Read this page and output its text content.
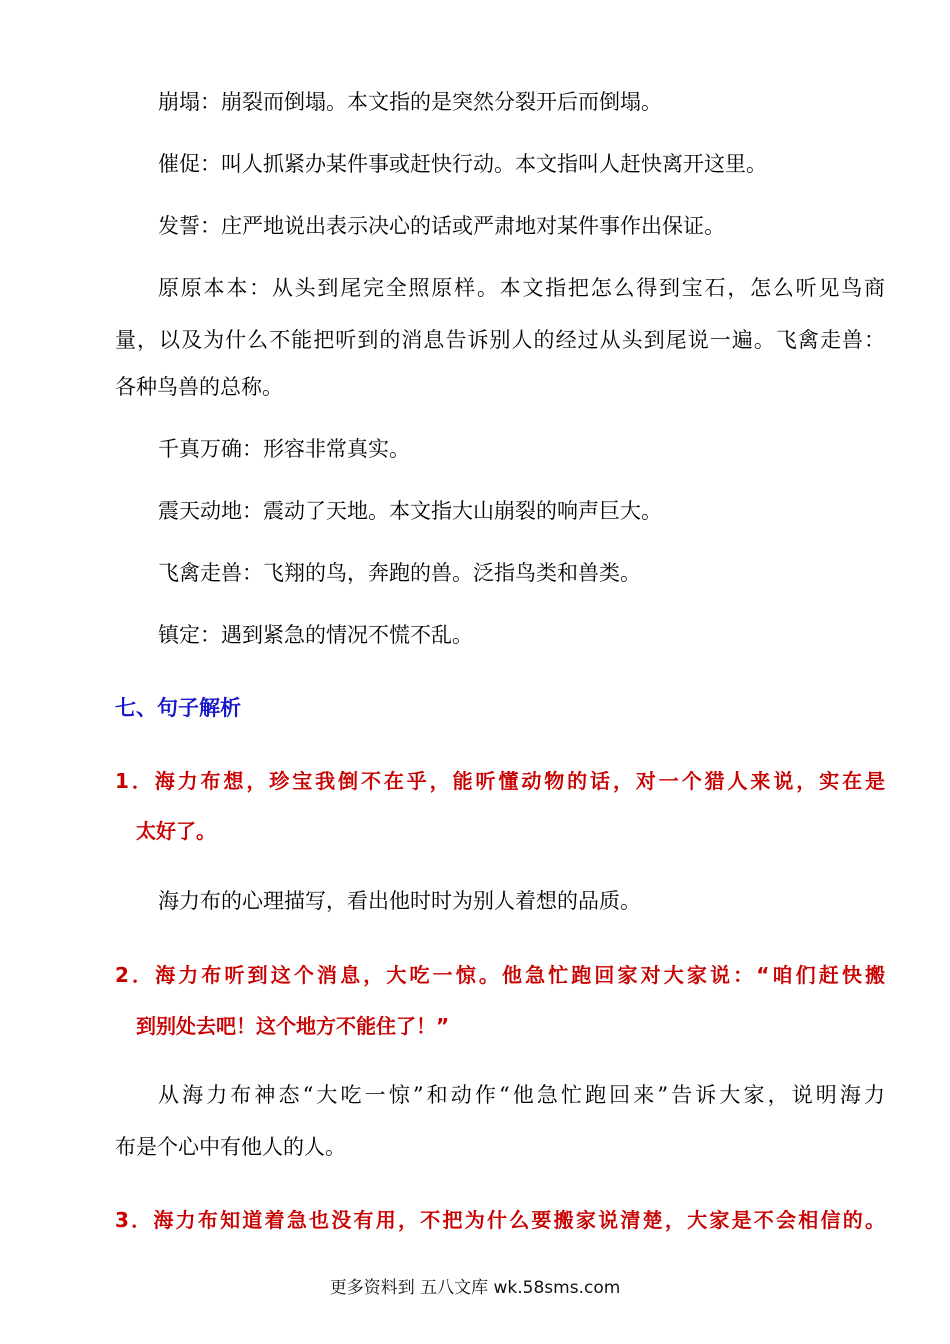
崩塌：崩裂而倒塌。本文指的是突然分裂开后而倒塌。
催促：叫人抓紧办某件事或赶快行动。本文指叫人赶快离开这里。
发誓：庄严地说出表示决心的话或严肃地对某件事作出保证。
原原本本：从头到尾完全照原样。本文指把怎么得到宝石，怎么听见鸟商
量，以及为什么不能把听到的消息告诉别人的经过从头到尾说一遍。飞禽走兽：
各种鸟兽的总称。
千真万确：形容非常真实。
震天动地：震动了天地。本文指大山崩裂的响声巨大。
飞禽走兽：飞翔的鸟，奔跑的兽。泛指鸟类和兽类。
镇定：遇到紧急的情况不慌不乱。
七、句子解析
1．海力布想，珍宝我倒不在乎，能听懂动物的话，对一个猎人来说，实在是
太好了。
海力布的心理描写，看出他时时为别人着想的品质。
2．海力布听到这个消息，大吃一惊。他急忙跑回家对大家说：“咱们赶快搬
到别处去吧！这个地方不能住了！”
从海力布神态“大吃一惊”和动作“他急忙跑回来”告诉大家，说明海力
布是个心中有他人的人。
3．海力布知道着急也没有用，不把为什么要搬家说清楚，大家是不会相信的。
更多资料到 五八文库 wk.58sms.com
